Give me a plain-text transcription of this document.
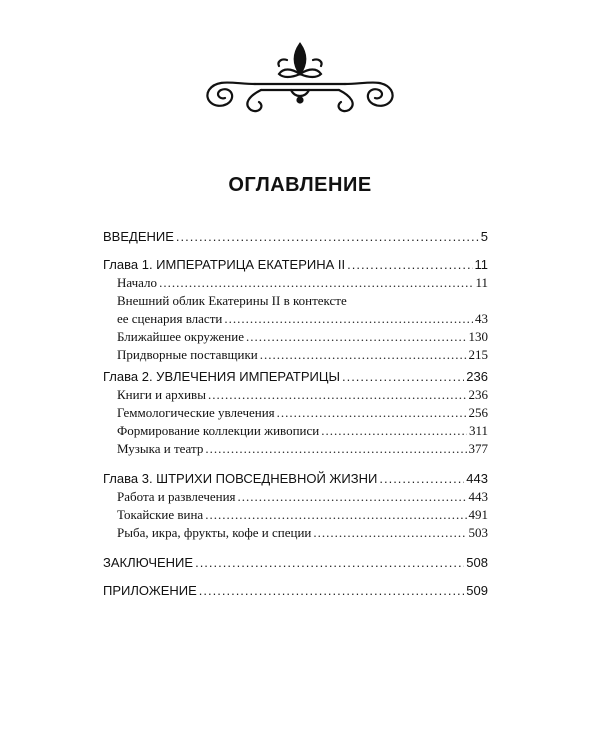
ОГЛАВЛЕНИЕ
ВВЕДЕНИЕ .....	5
Глава 1. ИМПЕРАТРИЦА ЕКАТЕРИНА II .....	11
Начало .....	11
Внешний облик Екатерины II в контексте
ее сценария власти .....	43
Ближайшее окружение .....	130
Придворные поставщики .....	215
Глава 2. УВЛЕЧЕНИЯ ИМПЕРАТРИЦЫ .....	236
Книги и архивы .....	236
Геммологические увлечения .....	256
Формирование коллекции живописи .....	311
Музыка и театр .....	377
Глава 3. ШТРИХИ ПОВСЕДНЕВНОЙ ЖИЗНИ .....	443
Работа и развлечения .....	443
Токайские вина .....	491
Рыба, икра, фрукты, кофе и специи .....	503
ЗАКЛЮЧЕНИЕ .....	508
ПРИЛОЖЕНИЕ .....	509
